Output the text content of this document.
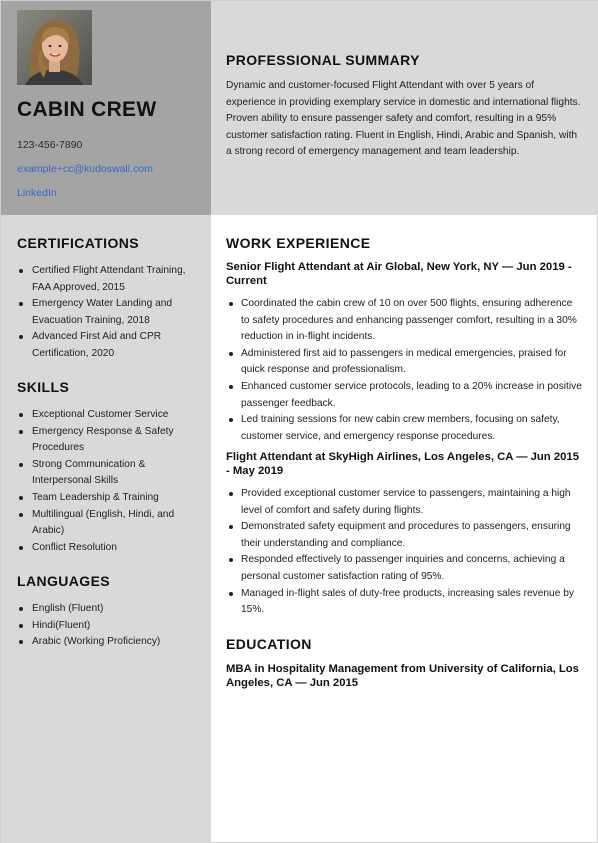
CABIN CREW
123-456-7890
example+cc@kudoswall.com
LinkedIn
PROFESSIONAL SUMMARY
Dynamic and customer-focused Flight Attendant with over 5 years of experience in providing exemplary service in domestic and international flights. Proven ability to ensure passenger safety and comfort, resulting in a 95% customer satisfaction rating. Fluent in English, Hindi, Arabic and Spanish, with a strong record of emergency management and team leadership.
CERTIFICATIONS
Certified Flight Attendant Training, FAA Approved, 2015
Emergency Water Landing and Evacuation Training, 2018
Advanced First Aid and CPR Certification, 2020
SKILLS
Exceptional Customer Service
Emergency Response & Safety Procedures
Strong Communication & Interpersonal Skills
Team Leadership & Training
Multilingual (English, Hindi, and Arabic)
Conflict Resolution
LANGUAGES
English (Fluent)
Hindi(Fluent)
Arabic (Working Proficiency)
WORK EXPERIENCE
Senior Flight Attendant at Air Global, New York, NY — Jun 2019 - Current
Coordinated the cabin crew of 10 on over 500 flights, ensuring adherence to safety procedures and enhancing passenger comfort, resulting in a 30% reduction in in-flight incidents.
Administered first aid to passengers in medical emergencies, praised for quick response and professionalism.
Enhanced customer service protocols, leading to a 20% increase in positive passenger feedback.
Led training sessions for new cabin crew members, focusing on safety, customer service, and emergency response procedures.
Flight Attendant at SkyHigh Airlines, Los Angeles, CA — Jun 2015 - May 2019
Provided exceptional customer service to passengers, maintaining a high level of comfort and safety during flights.
Demonstrated safety equipment and procedures to passengers, ensuring their understanding and compliance.
Responded effectively to passenger inquiries and concerns, achieving a personal customer satisfaction rating of 95%.
Managed in-flight sales of duty-free products, increasing sales revenue by 15%.
EDUCATION
MBA in Hospitality Management from University of California, Los Angeles, CA — Jun 2015
